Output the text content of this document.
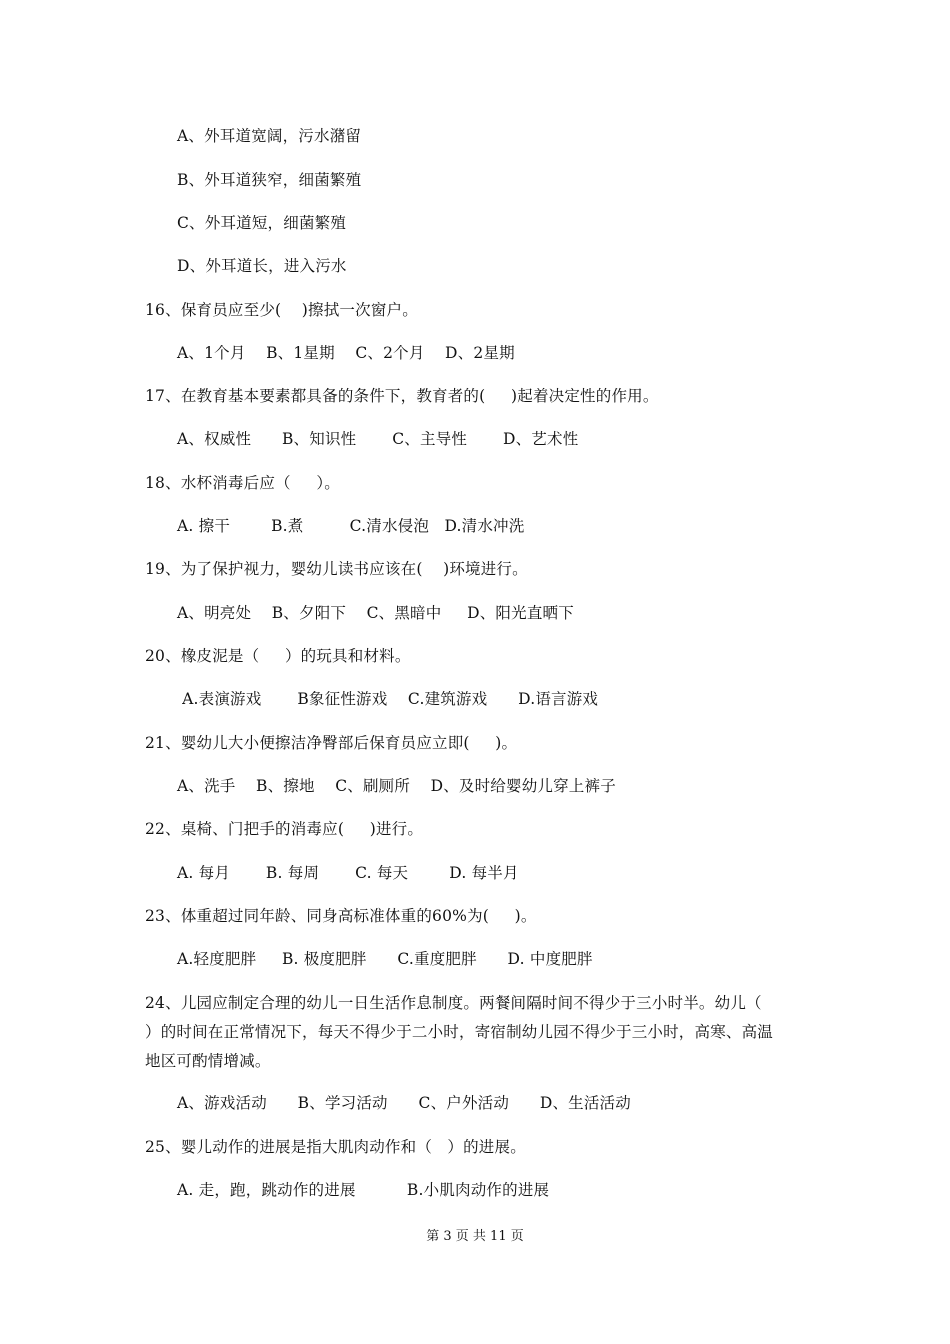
A、外耳道宽阔，污水潴留
B、外耳道狭窄，细菌繁殖
C、外耳道短，细菌繁殖
D、外耳道长，进入污水
16、保育员应至少(    )擦拭一次窗户。
A、1个月    B、1星期    C、2个月    D、2星期
17、在教育基本要素都具备的条件下，教育者的(     )起着决定性的作用。
A、权威性      B、知识性       C、主导性       D、艺术性
18、水杯消毒后应（     ）。
A. 擦干        B.煮         C.清水侵泡   D.清水冲洗
19、为了保护视力，婴幼儿读书应该在(    )环境进行。
A、明亮处    B、夕阳下    C、黑暗中     D、阳光直晒下
20、橡皮泥是（     ）的玩具和材料。
A.表演游戏       B象征性游戏    C.建筑游戏      D.语言游戏
21、婴幼儿大小便擦洁净臀部后保育员应立即(     )。
A、洗手    B、擦地    C、刷厕所    D、及时给婴幼儿穿上裤子
22、桌椅、门把手的消毒应(     )进行。
A. 每月       B. 每周       C. 每天        D. 每半月
23、体重超过同年龄、同身高标准体重的60%为(     )。
A.轻度肥胖     B. 极度肥胖      C.重度肥胖      D. 中度肥胖
24、儿园应制定合理的幼儿一日生活作息制度。两餐间隔时间不得少于三小时半。幼儿（
）的时间在正常情况下，每天不得少于二小时，寄宿制幼儿园不得少于三小时，高寒、高温
地区可酌情增减。
A、游戏活动      B、学习活动      C、户外活动      D、生活活动
25、婴儿动作的进展是指大肌肉动作和（   ）的进展。
A. 走，跑，跳动作的进展          B.小肌肉动作的进展
第 3 页 共 11 页
